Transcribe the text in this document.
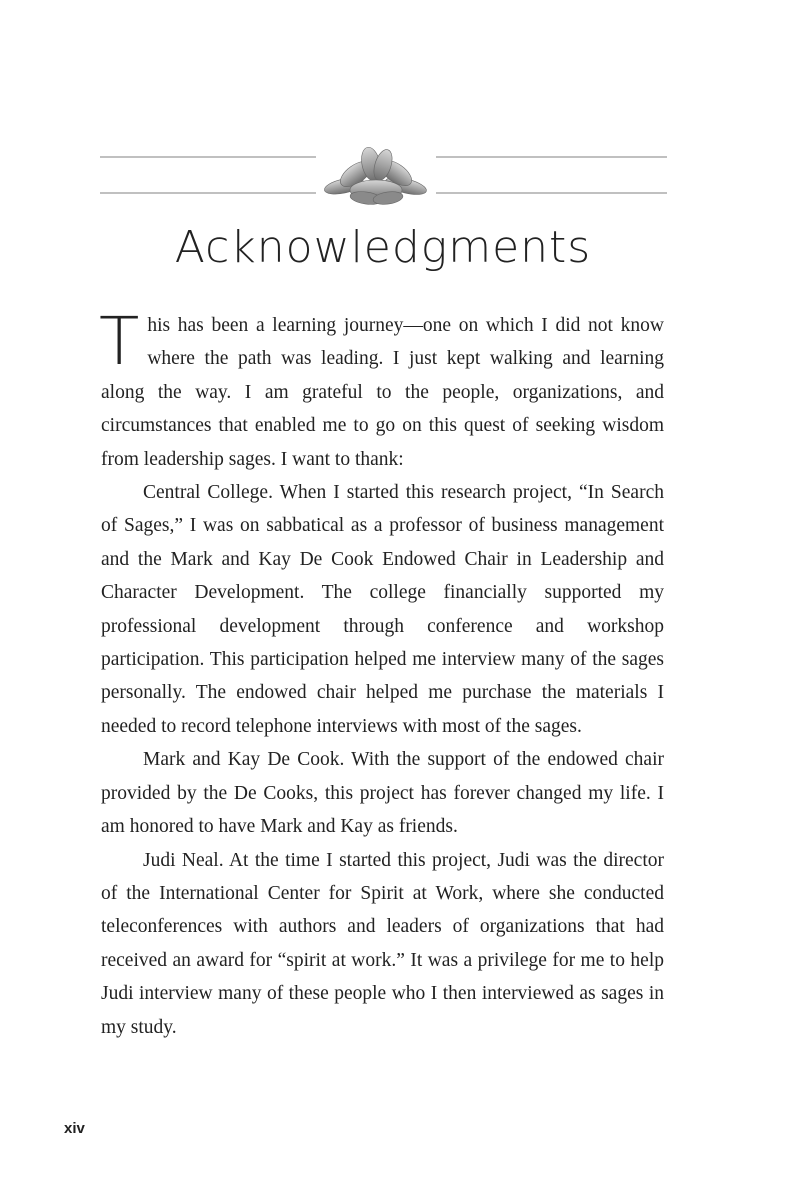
Acknowledgments

This has been a learning journey—one on which I did not know where the path was leading. I just kept walking and learning along the way. I am grateful to the people, organizations, and circumstances that enabled me to go on this quest of seeking wisdom from leadership sages. I want to thank:

Central College. When I started this research project, “In Search of Sages,” I was on sabbatical as a professor of business management and the Mark and Kay De Cook Endowed Chair in Leadership and Character Development. The college financially supported my professional development through conference and workshop participation. This participation helped me interview many of the sages personally. The endowed chair helped me purchase the materials I needed to record telephone interviews with most of the sages.

Mark and Kay De Cook. With the support of the endowed chair provided by the De Cooks, this project has forever changed my life. I am honored to have Mark and Kay as friends.

Judi Neal. At the time I started this project, Judi was the director of the International Center for Spirit at Work, where she conducted teleconferences with authors and leaders of organizations that had received an award for “spirit at work.” It was a privilege for me to help Judi interview many of these people who I then interviewed as sages in my study.

xiv
